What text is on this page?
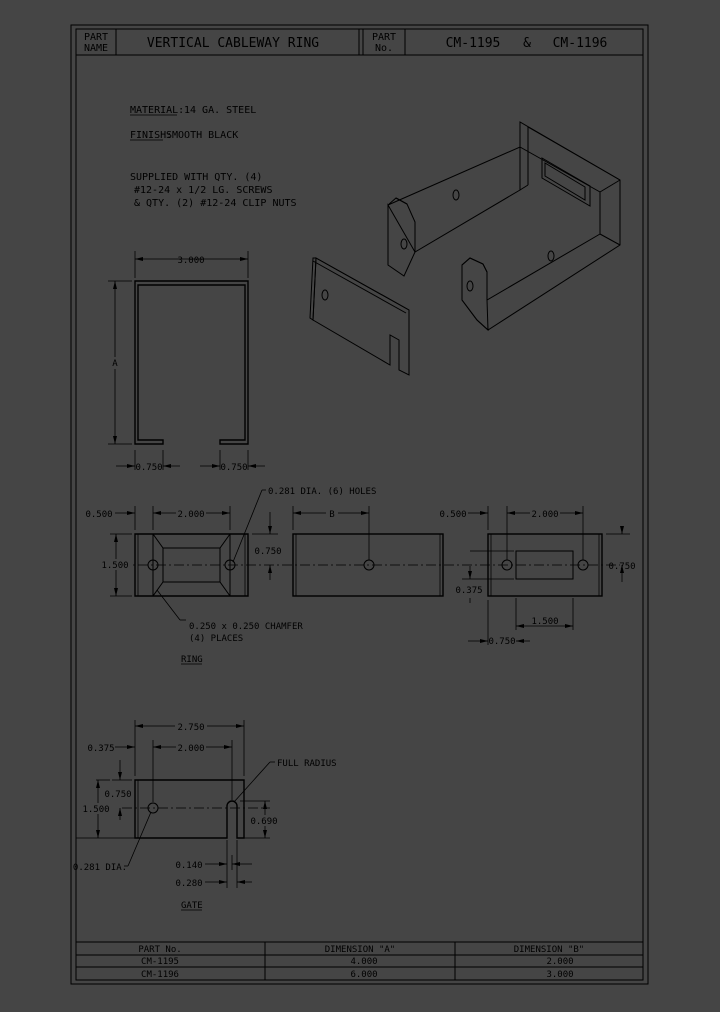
PART
NAME	VERTICAL CABLEWAY RING	PART
No.	CM-1195 & CM-1196
MATERIAL: 14 GA. STEEL
FINISH:
SMOOTH BLACK
SUPPLIED WITH QTY. (4)
#12-24 x 1/2 LG. SCREWS
& QTY. (2) #12-24 CLIP NUTS
3.000
A
0.750	0.750
0.500	2.000
1.500
0.750
0.281 DIA. (6) HOLES
B	0.500	2.000
0.750
0.375
1.500
0.750
0.250 x 0.250 CHAMFER
(4) PLACES
RING
2.750
0.375	2.000
0.750
1.500
0.690
FULL RADIUS
0.281 DIA.	0.140
0.280
GATE
PART No.	DIMENSION "A"	DIMENSION "B"
CM-1195	4.000	2.000
CM-1196	6.000	3.000
